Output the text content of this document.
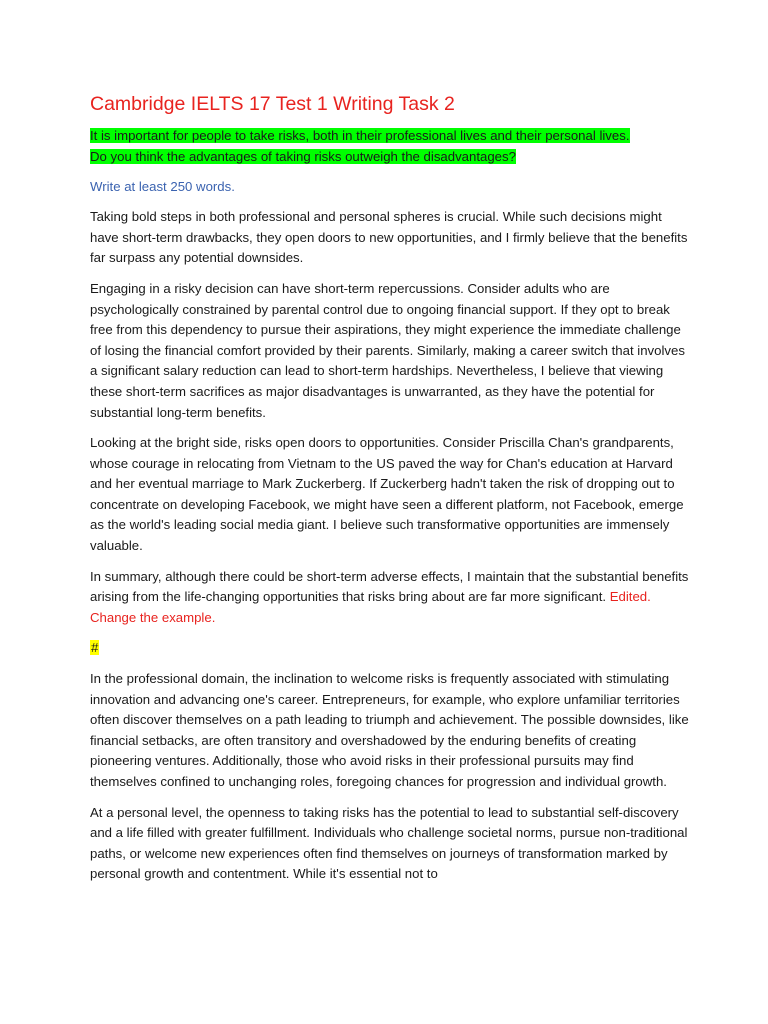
Cambridge IELTS 17 Test 1 Writing Task 2

It is important for people to take risks, both in their professional lives and their personal lives.
Do you think the advantages of taking risks outweigh the disadvantages?

Write at least 250 words.

Taking bold steps in both professional and personal spheres is crucial. While such decisions might have short-term drawbacks, they open doors to new opportunities, and I firmly believe that the benefits far surpass any potential downsides.

Engaging in a risky decision can have short-term repercussions. Consider adults who are psychologically constrained by parental control due to ongoing financial support. If they opt to break free from this dependency to pursue their aspirations, they might experience the immediate challenge of losing the financial comfort provided by their parents. Similarly, making a career switch that involves a significant salary reduction can lead to short-term hardships. Nevertheless, I believe that viewing these short-term sacrifices as major disadvantages is unwarranted, as they have the potential for substantial long-term benefits.

Looking at the bright side, risks open doors to opportunities. Consider Priscilla Chan's grandparents, whose courage in relocating from Vietnam to the US paved the way for Chan's education at Harvard and her eventual marriage to Mark Zuckerberg. If Zuckerberg hadn't taken the risk of dropping out to concentrate on developing Facebook, we might have seen a different platform, not Facebook, emerge as the world's leading social media giant. I believe such transformative opportunities are immensely valuable.

In summary, although there could be short-term adverse effects, I maintain that the substantial benefits arising from the life-changing opportunities that risks bring about are far more significant. Edited. Change the example.

#

In the professional domain, the inclination to welcome risks is frequently associated with stimulating innovation and advancing one's career. Entrepreneurs, for example, who explore unfamiliar territories often discover themselves on a path leading to triumph and achievement. The possible downsides, like financial setbacks, are often transitory and overshadowed by the enduring benefits of creating pioneering ventures. Additionally, those who avoid risks in their professional pursuits may find themselves confined to unchanging roles, foregoing chances for progression and individual growth.

At a personal level, the openness to taking risks has the potential to lead to substantial self-discovery and a life filled with greater fulfillment. Individuals who challenge societal norms, pursue non-traditional paths, or welcome new experiences often find themselves on journeys of transformation marked by personal growth and contentment. While it's essential not to
